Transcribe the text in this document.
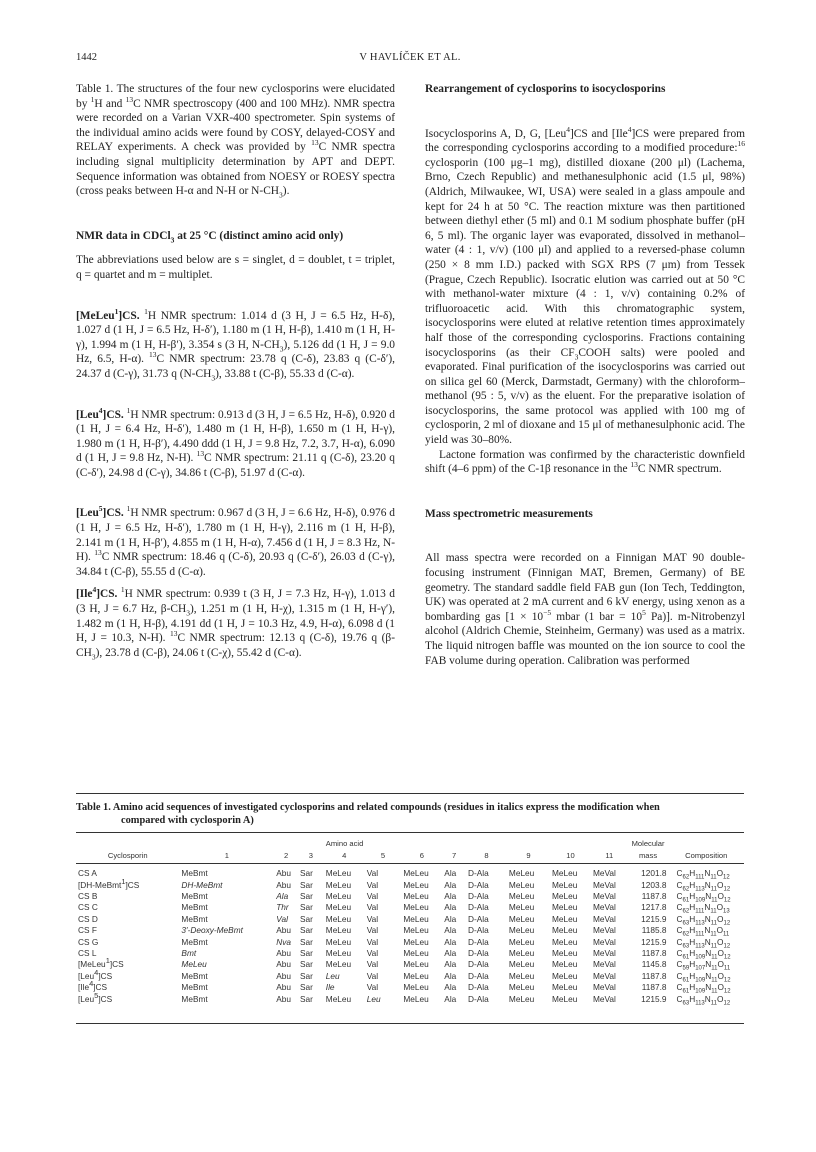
1442	V HAVLÍČEK ET AL.

Table 1. The structures of the four new cyclosporins were elucidated by $^1$H and $^{13}$C NMR spectroscopy (400 and 100 MHz). NMR spectra were recorded on a Varian VXR-400 spectrometer. Spin systems of the individual amino acids were found by COSY, delayed-COSY and RELAY experiments. A check was provided by $^{13}$C NMR spectra including signal multiplicity determination by APT and DEPT. Sequence information was obtained from NOESY or ROESY spectra (cross peaks between H-α and N-H or $N-CH_3$).

NMR data in CDCl$_3$ at 25 °C (distinct amino acid only)

The abbreviations used below are s = singlet, d = doublet, t = triplet, q = quartet and m = multiplet.

[MeLeu$^1$]CS. $^1$H NMR spectrum: 1.014 d (3 H, J = 6.5 Hz, H-δ), 1.027 d (1 H, J = 6.5 Hz, H-δ′), 1.180 m (1 H, H-β), 1.410 m (1 H, H-γ), 1.994 m (1 H, H-β′), 3.354 s (3 H, $N-CH_3$), 5.126 dd (1 H, J = 9.0 Hz, 6.5, H-α). $^{13}$C NMR spectrum: 23.78 q (C-δ), 23.83 q (C-δ′), 24.37 d (C-γ), 31.73 q $(N-CH_3)$, 33.88 t (C-β), 55.33 d (C-α).

[Leu$^4$]CS. $^1$H NMR spectrum: 0.913 d (3 H, J = 6.5 Hz, H-δ), 0.920 d (1 H, J = 6.4 Hz, H-δ′), 1.480 m (1 H, H-β), 1.650 m (1 H, H-γ), 1.980 m (1 H, H-β′), 4.490 ddd (1 H, J = 9.8 Hz, 7.2, 3.7, H-α), 6.090 d (1 H, J = 9.8 Hz, N-H). $^{13}$C NMR spectrum: 21.11 q (C-δ), 23.20 q (C-δ′), 24.98 d (C-γ), 34.86 t (C-β), 51.97 d (C-α).

[Leu$^5$]CS. $^1$H NMR spectrum: 0.967 d (3 H, J = 6.6 Hz, H-δ), 0.976 d (1 H, J = 6.5 Hz, H-δ′), 1.780 m (1 H, H-γ), 2.116 m (1 H, H-β), 2.141 m (1 H, H-β′), 4.855 m (1 H, H-α), 7.456 d (1 H, J = 8.3 Hz, N-H). $^{13}$C NMR spectrum: 18.46 q (C-δ), 20.93 q (C-δ′), 26.03 d (C-γ), 34.84 t (C-β), 55.55 d (C-α).

[Ile$^4$]CS. $^1$H NMR spectrum: 0.939 t (3 H, J = 7.3 Hz, H-γ), 1.013 d (3 H, J = 6.7 Hz, $\beta-CH_3$), 1.251 m (1 H, H-χ), 1.315 m (1 H, H-γ′), 1.482 m (1 H, H-β), 4.191 dd (1 H, J = 10.3 Hz, 4.9, H-α), 6.098 d (1 H, J = 10.3, N-H). $^{13}$C NMR spectrum: 12.13 q (C-δ), 19.76 q $(\beta-CH_3)$, 23.78 d (C-β), 24.06 t (C-χ), 55.42 d (C-α).

Rearrangement of cyclosporins to isocyclosporins

Isocyclosporins A, D, G, [Leu$^4$]CS and [Ile$^4$]CS were prepared from the corresponding cyclosporins according to a modified procedure:$^{16}$ cyclosporin (100 μg–1 mg), distilled dioxane (200 μl) (Lachema, Brno, Czech Republic) and methanesulphonic acid (1.5 μl, 98%) (Aldrich, Milwaukee, WI, USA) were sealed in a glass ampoule and kept for 24 h at 50 °C. The reaction mixture was then partitioned between diethyl ether (5 ml) and 0.1 M sodium phosphate buffer (pH 6, 5 ml). The organic layer was evaporated, dissolved in methanol–water (4 : 1, v/v) (100 μl) and applied to a reversed-phase column (250 × 8 mm I.D.) packed with SGX RPS (7 μm) from Tessek (Prague, Czech Republic). Isocratic elution was carried out at 50 °C with methanol-water mixture (4 : 1, v/v) containing 0.2% of trifluoroacetic acid. With this chromatographic system, isocyclosporins were eluted at relative retention times approximately half those of the corresponding cyclosporins. Fractions containing isocyclosporins (as their $CF_3COOH$ salts) were pooled and evaporated. Final purification of the isocyclosporins was carried out on silica gel 60 (Merck, Darmstadt, Germany) with the chloroform–methanol (95 : 5, v/v) as the eluent. For the preparative isolation of isocyclosporins, the same protocol was applied with 100 mg of cyclosporin, 2 ml of dioxane and 15 μl of methanesulphonic acid. The yield was 30–80%.

Lactone formation was confirmed by the characteristic downfield shift (4–6 ppm) of the C-1β resonance in the $^{13}$C NMR spectrum.

Mass spectrometric measurements

All mass spectra were recorded on a Finnigan MAT 90 double-focusing instrument (Finnigan MAT, Bremen, Germany) of BE geometry. The standard saddle field FAB gun (Ion Tech, Teddington, UK) was operated at 2 mA current and 6 kV energy, using xenon as a bombarding gas [$1 \times 10^{-5}$ mbar (1 bar = $10^5$ Pa)]. m-Nitrobenzyl alcohol (Aldrich Chemie, Steinheim, Germany) was used as a matrix. The liquid nitrogen baffle was mounted on the ion source to cool the FAB volume during operation. Calibration was performed

Table 1. Amino acid sequences of investigated cyclosporins and related compounds (residues in italics express the modification when
compared with cyclosporin A)
				Amino acid								Molecular	
Cyclosporin	1	2	3	4	5	6	7	8	9	10	11	mass	Composition

CS A	MeBmt	Abu	Sar	MeLeu	Val	MeLeu	Ala	D-Ala	MeLeu	MeLeu	MeVal	1201.8	$C_{62}H_{111}N_{11}O_{12}$
[DH-MeBmt$^1$]CS	DH-MeBmt	Abu	Sar	MeLeu	Val	MeLeu	Ala	D-Ala	MeLeu	MeLeu	MeVal	1203.8	$C_{62}H_{113}N_{11}O_{12}$
CS B	MeBmt	Ala	Sar	MeLeu	Val	MeLeu	Ala	D-Ala	MeLeu	MeLeu	MeVal	1187.8	$C_{61}H_{109}N_{11}O_{12}$
CS C	MeBmt	Thr	Sar	MeLeu	Val	MeLeu	Ala	D-Ala	MeLeu	MeLeu	MeVal	1217.8	$C_{62}H_{111}N_{11}O_{13}$
CS D	MeBmt	Val	Sar	MeLeu	Val	MeLeu	Ala	D-Ala	MeLeu	MeLeu	MeVal	1215.9	$C_{63}H_{113}N_{11}O_{12}$
CS F	3′-Deoxy-MeBmt	Abu	Sar	MeLeu	Val	MeLeu	Ala	D-Ala	MeLeu	MeLeu	MeVal	1185.8	$C_{62}H_{111}N_{11}O_{11}$
CS G	MeBmt	Nva	Sar	MeLeu	Val	MeLeu	Ala	D-Ala	MeLeu	MeLeu	MeVal	1215.9	$C_{63}H_{113}N_{11}O_{12}$
CS L	Bmt	Abu	Sar	MeLeu	Val	MeLeu	Ala	D-Ala	MeLeu	MeLeu	MeVal	1187.8	$C_{61}H_{109}N_{11}O_{12}$
[MeLeu$^1$]CS	MeLeu	Abu	Sar	MeLeu	Val	MeLeu	Ala	D-Ala	MeLeu	MeLeu	MeVal	1145.8	$C_{59}H_{107}N_{11}O_{11}$
[Leu$^4$]CS	MeBmt	Abu	Sar	Leu	Val	MeLeu	Ala	D-Ala	MeLeu	MeLeu	MeVal	1187.8	$C_{61}H_{109}N_{11}O_{12}$
[Ile$^4$]CS	MeBmt	Abu	Sar	Ile	Val	MeLeu	Ala	D-Ala	MeLeu	MeLeu	MeVal	1187.8	$C_{61}H_{109}N_{11}O_{12}$
[Leu$^5$]CS	MeBmt	Abu	Sar	MeLeu	Leu	MeLeu	Ala	D-Ala	MeLeu	MeLeu	MeVal	1215.9	$C_{63}H_{113}N_{11}O_{12}$
